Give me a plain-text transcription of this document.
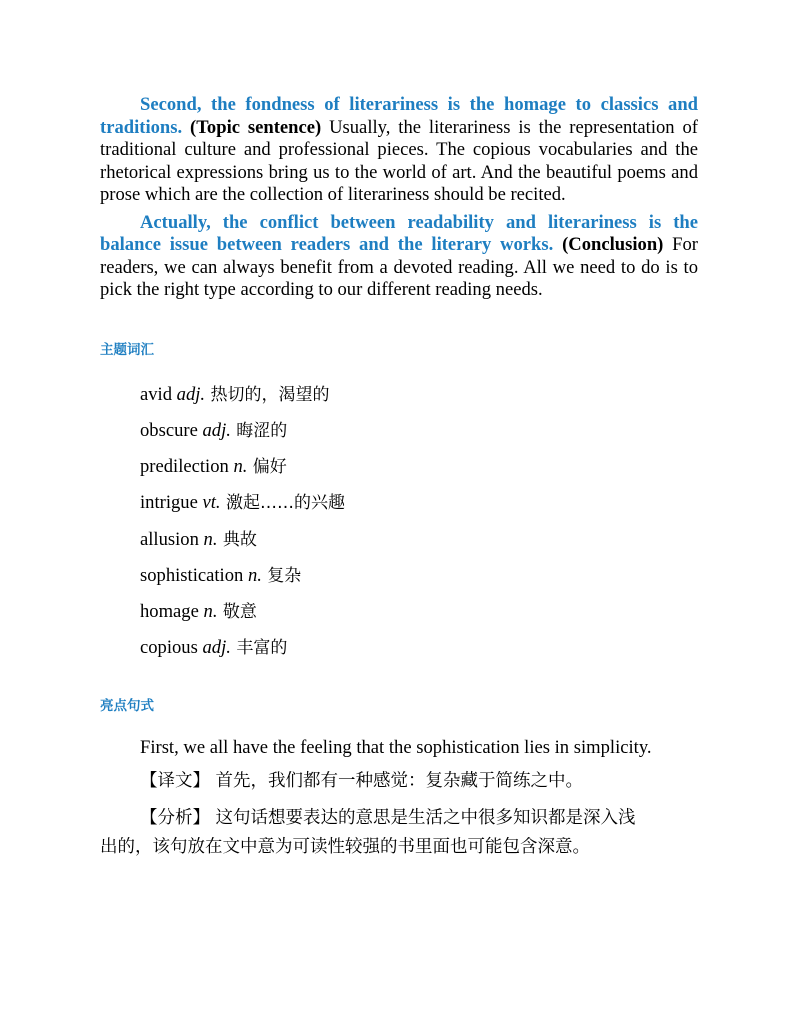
Second, the fondness of literariness is the homage to classics and traditions. (Topic sentence) Usually, the literariness is the representation of traditional culture and professional pieces. The copious vocabularies and the rhetorical expressions bring us to the world of art. And the beautiful poems and prose which are the collection of literariness should be recited.

Actually, the conflict between readability and literariness is the balance issue between readers and the literary works. (Conclusion) For readers, we can always benefit from a devoted reading. All we need to do is to pick the right type according to our different reading needs.

主题词汇
avid adj. 热切的，渴望的
obscure adj. 晦涩的
predilection n. 偏好
intrigue vt. 激起……的兴趣
allusion n. 典故
sophistication n. 复杂
homage n. 敬意
copious adj. 丰富的
亮点句式
First, we all have the feeling that the sophistication lies in simplicity.
【译文】 首先，我们都有一种感觉：复杂藏于简练之中。
【分析】 这句话想要表达的意思是生活之中很多知识都是深入浅
出的，该句放在文中意为可读性较强的书里面也可能包含深意。
